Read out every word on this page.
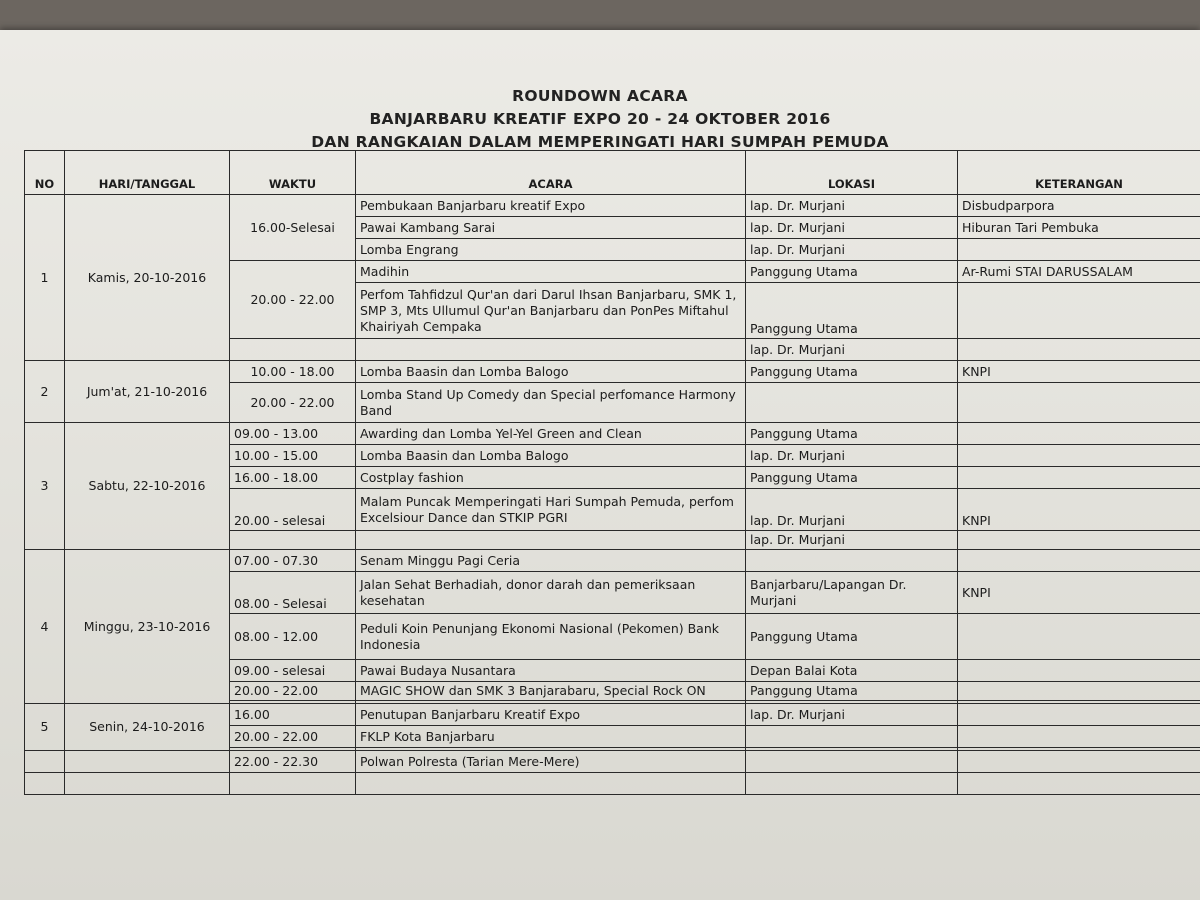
ROUNDOWN ACARA
BANJARBARU KREATIF EXPO 20 - 24 OKTOBER 2016
DAN RANGKAIAN DALAM MEMPERINGATI HARI SUMPAH PEMUDA
NO	HARI/TANGGAL	WAKTU	ACARA	LOKASI	KETERANGAN
1	Kamis, 20-10-2016	16.00-Selesai	Pembukaan Banjarbaru kreatif Expo	lap. Dr. Murjani	Disbudparpora
			Pawai Kambang Sarai	lap. Dr. Murjani	Hiburan Tari Pembuka
			Lomba Engrang	lap. Dr. Murjani	
		20.00 - 22.00	Madihin	Panggung Utama	Ar-Rumi STAI DARUSSALAM
			Perfom Tahfidzul Qur'an dari Darul Ihsan Banjarbaru, SMK 1, SMP 3, Mts Ullumul Qur'an Banjarbaru dan PonPes Miftahul Khairiyah Cempaka	Panggung Utama	
				lap. Dr. Murjani	
2	Jum'at, 21-10-2016	10.00 - 18.00	Lomba Baasin dan Lomba Balogo	Panggung Utama	KNPI
		20.00 - 22.00	Lomba Stand Up Comedy dan Special perfomance Harmony Band		
3	Sabtu, 22-10-2016	09.00 - 13.00	Awarding dan Lomba Yel-Yel Green and Clean	Panggung Utama	
		10.00 - 15.00	Lomba Baasin dan Lomba Balogo	lap. Dr. Murjani	
		16.00 - 18.00	Costplay fashion	Panggung Utama	
		20.00 - selesai	Malam Puncak Memperingati Hari Sumpah Pemuda, perfom Excelsiour Dance dan STKIP PGRI	lap. Dr. Murjani	KNPI
				lap. Dr. Murjani	
4	Minggu, 23-10-2016	07.00 - 07.30	Senam Minggu Pagi Ceria		
		08.00 - Selesai	Jalan Sehat Berhadiah, donor darah dan pemeriksaan kesehatan	Banjarbaru/Lapangan Dr. Murjani	KNPI
		08.00 - 12.00	Peduli Koin Penunjang Ekonomi Nasional (Pekomen) Bank Indonesia	Panggung Utama	
		09.00 - selesai	Pawai Budaya Nusantara	Depan Balai Kota	
		20.00 - 22.00	MAGIC SHOW dan SMK 3 Banjarabaru, Special Rock ON	Panggung Utama	

5	Senin, 24-10-2016	16.00	Penutupan Banjarbaru Kreatif Expo	lap. Dr. Murjani	
		20.00 - 22.00	FKLP Kota Banjarbaru		

		22.00 - 22.30	Polwan Polresta (Tarian Mere-Mere)		
